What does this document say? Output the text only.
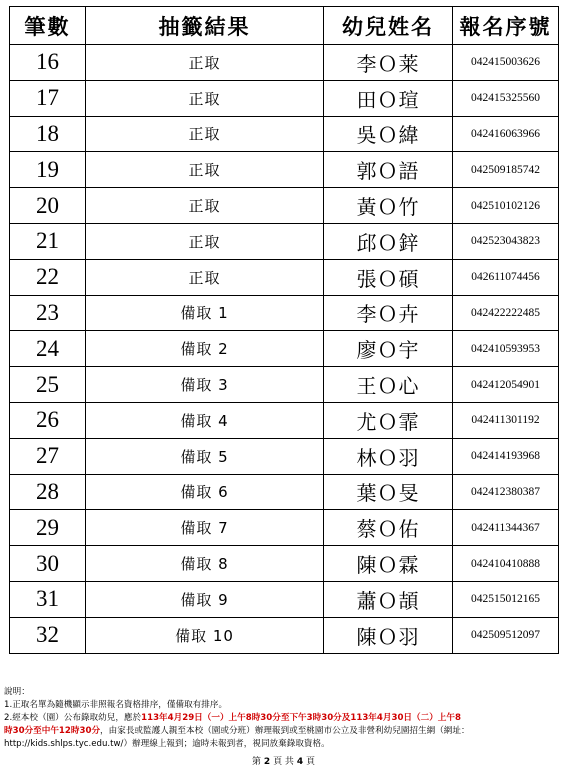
筆數	抽籤結果	幼兒姓名	報名序號
16	正取	李Ｏ莱	042415003626
17	正取	田Ｏ瑄	042415325560
18	正取	吳Ｏ緯	042416063966
19	正取	郭Ｏ語	042509185742
20	正取	黃Ｏ竹	042510102126
21	正取	邱Ｏ鋅	042523043823
22	正取	張Ｏ碩	042611074456
23	備取 1	李Ｏ卉	042422222485
24	備取 2	廖Ｏ宇	042410593953
25	備取 3	王Ｏ心	042412054901
26	備取 4	尤Ｏ霏	042411301192
27	備取 5	林Ｏ羽	042414193968
28	備取 6	葉Ｏ旻	042412380387
29	備取 7	蔡Ｏ佑	042411344367
30	備取 8	陳Ｏ霖	042410410888
31	備取 9	蕭Ｏ頡	042515012165
32	備取 10	陳Ｏ羽	042509512097
說明：
1.正取名單為隨機顯示非照報名資格排序，僅備取有排序。
2.經本校（園）公布錄取幼兒，應於113年4月29日（一）上午8時30分至下午3時30分及113年4月30日（二）上午8
時30分至中午12時30分，由家長或監護人親至本校（園或分班）辦理報到或至桃園市公立及非營利幼兒園招生網（網址：
http://kids.shlps.tyc.edu.tw/）辦理線上報到；逾時未報到者，視同放棄錄取資格。
第 2 頁 共 4 頁
